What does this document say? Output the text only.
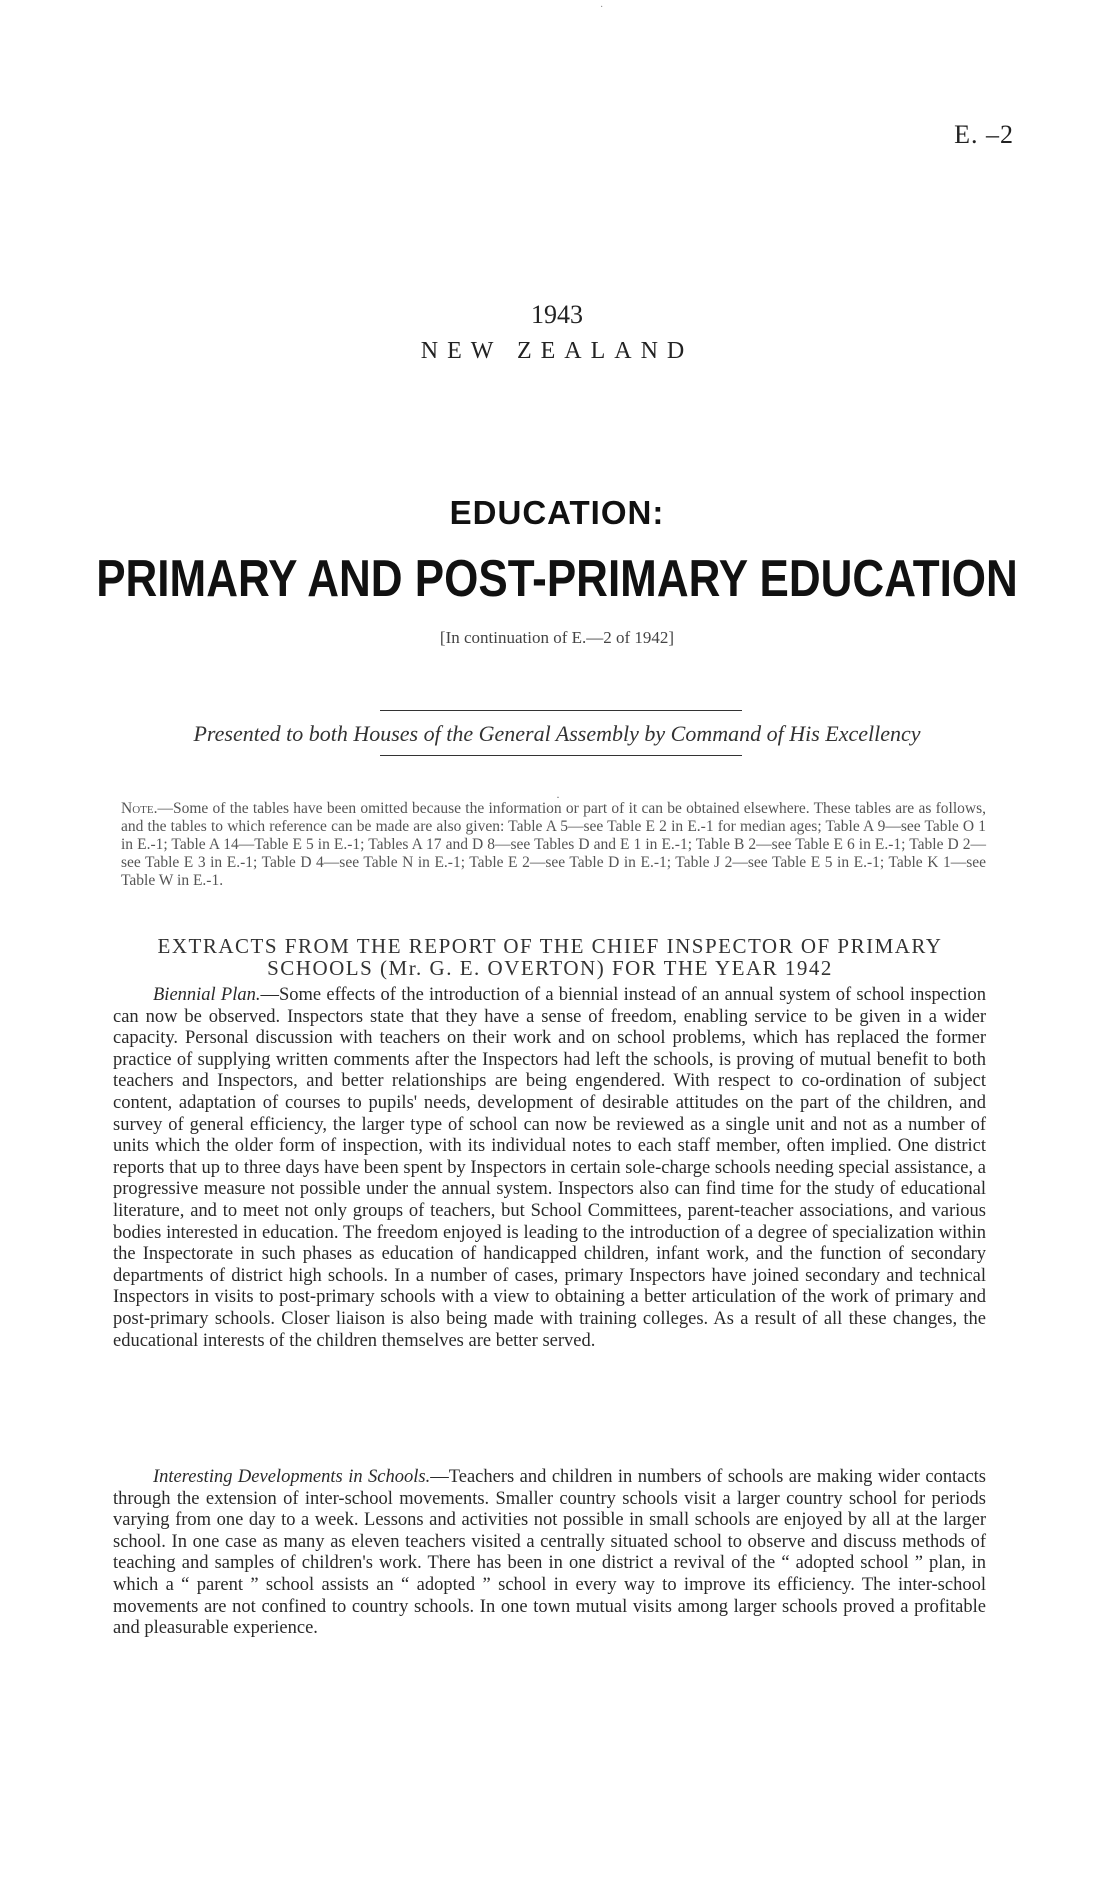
·
E. –2
1943
NEW ZEALAND
EDUCATION:
PRIMARY AND POST-PRIMARY EDUCATION
[In continuation of E.—2 of 1942]
Presented to both Houses of the General Assembly by Command of His Excellency
·
Note.—Some of the tables have been omitted because the information or part of it can be obtained elsewhere. These tables are as follows, and the tables to which reference can be made are also given: Table A 5—see Table E 2 in E.-1 for median ages; Table A 9—see Table O 1 in E.-1; Table A 14—Table E 5 in E.-1; Tables A 17 and D 8—see Tables D and E 1 in E.-1; Table B 2—see Table E 6 in E.-1; Table D 2—see Table E 3 in E.-1; Table D 4—see Table N in E.-1; Table E 2—see Table D in E.-1; Table J 2—see Table E 5 in E.-1; Table K 1—see Table W in E.-1.
EXTRACTS FROM THE REPORT OF THE CHIEF INSPECTOR OF PRIMARY
SCHOOLS (Mr. G. E. OVERTON) FOR THE YEAR 1942
Biennial Plan.—Some effects of the introduction of a biennial instead of an annual system of school inspection can now be observed. Inspectors state that they have a sense of freedom, enabling service to be given in a wider capacity. Personal discussion with teachers on their work and on school problems, which has replaced the former practice of supplying written comments after the Inspectors had left the schools, is proving of mutual benefit to both teachers and Inspectors, and better relationships are being engendered. With respect to co-ordination of subject content, adaptation of courses to pupils' needs, development of desirable attitudes on the part of the children, and survey of general efficiency, the larger type of school can now be reviewed as a single unit and not as a number of units which the older form of inspection, with its individual notes to each staff member, often implied. One district reports that up to three days have been spent by Inspectors in certain sole-charge schools needing special assistance, a progressive measure not possible under the annual system. Inspectors also can find time for the study of educational literature, and to meet not only groups of teachers, but School Committees, parent-teacher associations, and various bodies interested in education. The freedom enjoyed is leading to the introduction of a degree of specialization within the Inspectorate in such phases as education of handicapped children, infant work, and the function of secondary departments of district high schools. In a number of cases, primary Inspectors have joined secondary and technical Inspectors in visits to post-primary schools with a view to obtaining a better articulation of the work of primary and post-primary schools. Closer liaison is also being made with training colleges. As a result of all these changes, the educational interests of the children themselves are better served.
Interesting Developments in Schools.—Teachers and children in numbers of schools are making wider contacts through the extension of inter-school movements. Smaller country schools visit a larger country school for periods varying from one day to a week. Lessons and activities not possible in small schools are enjoyed by all at the larger school. In one case as many as eleven teachers visited a centrally situated school to observe and discuss methods of teaching and samples of children's work. There has been in one district a revival of the “ adopted school ” plan, in which a “ parent ” school assists an “ adopted ” school in every way to improve its efficiency. The inter-school movements are not confined to country schools. In one town mutual visits among larger schools proved a profitable and pleasurable experience.
